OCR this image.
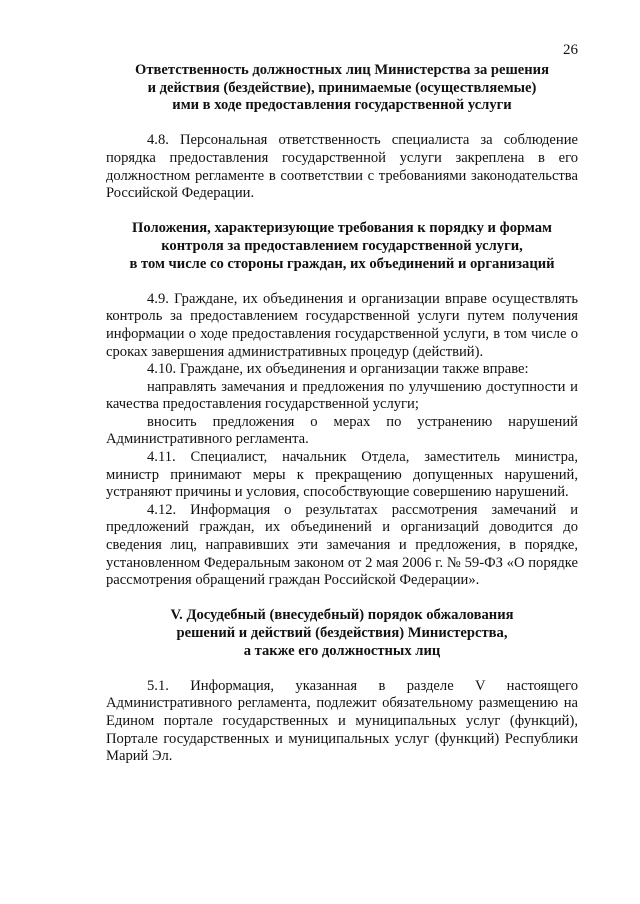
26
Ответственность должностных лиц Министерства за решения
и действия (бездействие), принимаемые (осуществляемые)
ими в ходе предоставления государственной услуги

4.8. Персональная ответственность специалиста за соблюдение порядка предоставления государственной услуги закреплена в его должностном регламенте в соответствии с требованиями законодательства Российской Федерации.

Положения, характеризующие требования к порядку и формам
контроля за предоставлением государственной услуги,
в том числе со стороны граждан, их объединений и организаций

4.9. Граждане, их объединения и организации вправе осуществлять контроль за предоставлением государственной услуги путем получения информации о ходе предоставления государственной услуги, в том числе о сроках завершения административных процедур (действий).

4.10. Граждане, их объединения и организации также вправе:

направлять замечания и предложения по улучшению доступности и качества предоставления государственной услуги;

вносить предложения о мерах по устранению нарушений Административного регламента.

4.11. Специалист, начальник Отдела, заместитель министра, министр принимают меры к прекращению допущенных нарушений, устраняют причины и условия, способствующие совершению нарушений.

4.12. Информация о результатах рассмотрения замечаний и предложений граждан, их объединений и организаций доводится до сведения лиц, направивших эти замечания и предложения, в порядке, установленном Федеральным законом от 2 мая 2006 г. № 59-ФЗ «О порядке рассмотрения обращений граждан Российской Федерации».

V. Досудебный (внесудебный) порядок обжалования
решений и действий (бездействия) Министерства,
а также его должностных лиц

5.1. Информация, указанная в разделе V настоящего Административного регламента, подлежит обязательному размещению на Едином портале государственных и муниципальных услуг (функций), Портале государственных и муниципальных услуг (функций) Республики Марий Эл.
